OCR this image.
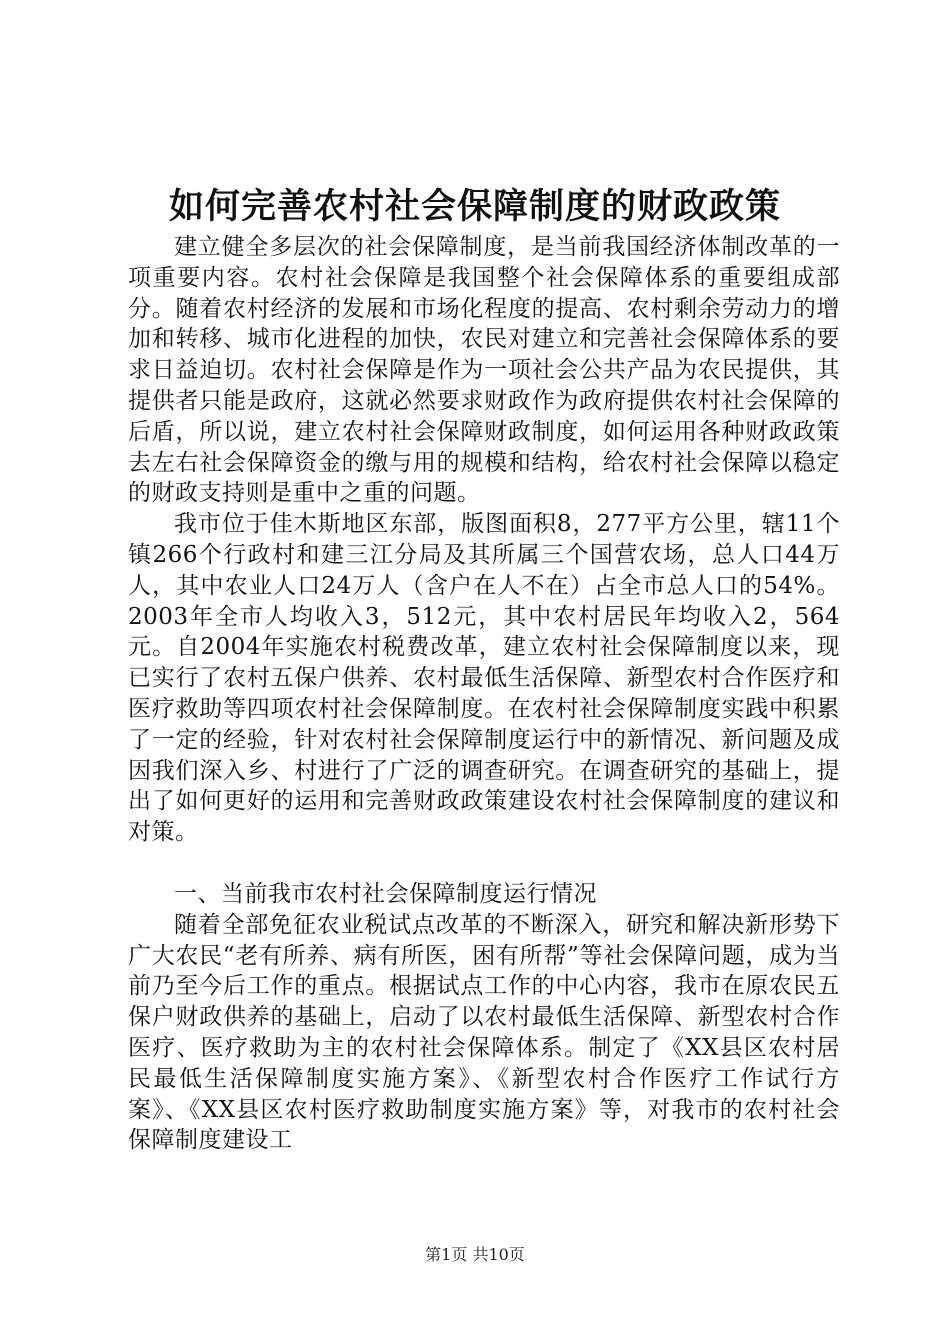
如何完善农村社会保障制度的财政政策

建立健全多层次的社会保障制度，是当前我国经济体制改革的一项重要内容。农村社会保障是我国整个社会保障体系的重要组成部分。随着农村经济的发展和市场化程度的提高、农村剩余劳动力的增加和转移、城市化进程的加快，农民对建立和完善社会保障体系的要求日益迫切。农村社会保障是作为一项社会公共产品为农民提供，其提供者只能是政府，这就必然要求财政作为政府提供农村社会保障的后盾，所以说，建立农村社会保障财政制度，如何运用各种财政政策去左右社会保障资金的缴与用的规模和结构，给农村社会保障以稳定的财政支持则是重中之重的问题。

我市位于佳木斯地区东部，版图面积8，277平方公里，辖11个镇266个行政村和建三江分局及其所属三个国营农场，总人口44万人，其中农业人口24万人（含户在人不在）占全市总人口的54%。2003年全市人均收入3，512元，其中农村居民年均收入2，564元。自2004年实施农村税费改革，建立农村社会保障制度以来，现已实行了农村五保户供养、农村最低生活保障、新型农村合作医疗和医疗救助等四项农村社会保障制度。在农村社会保障制度实践中积累了一定的经验，针对农村社会保障制度运行中的新情况、新问题及成因我们深入乡、村进行了广泛的调查研究。在调查研究的基础上，提出了如何更好的运用和完善财政政策建设农村社会保障制度的建议和对策。

一、当前我市农村社会保障制度运行情况

随着全部免征农业税试点改革的不断深入，研究和解决新形势下广大农民“老有所养、病有所医，困有所帮”等社会保障问题，成为当前乃至今后工作的重点。根据试点工作的中心内容，我市在原农民五保户财政供养的基础上，启动了以农村最低生活保障、新型农村合作医疗、医疗救助为主的农村社会保障体系。制定了《XX县区农村居民最低生活保障制度实施方案》、《新型农村合作医疗工作试行方案》、《XX县区农村医疗救助制度实施方案》等，对我市的农村社会保障制度建设工

第1页 共10页
